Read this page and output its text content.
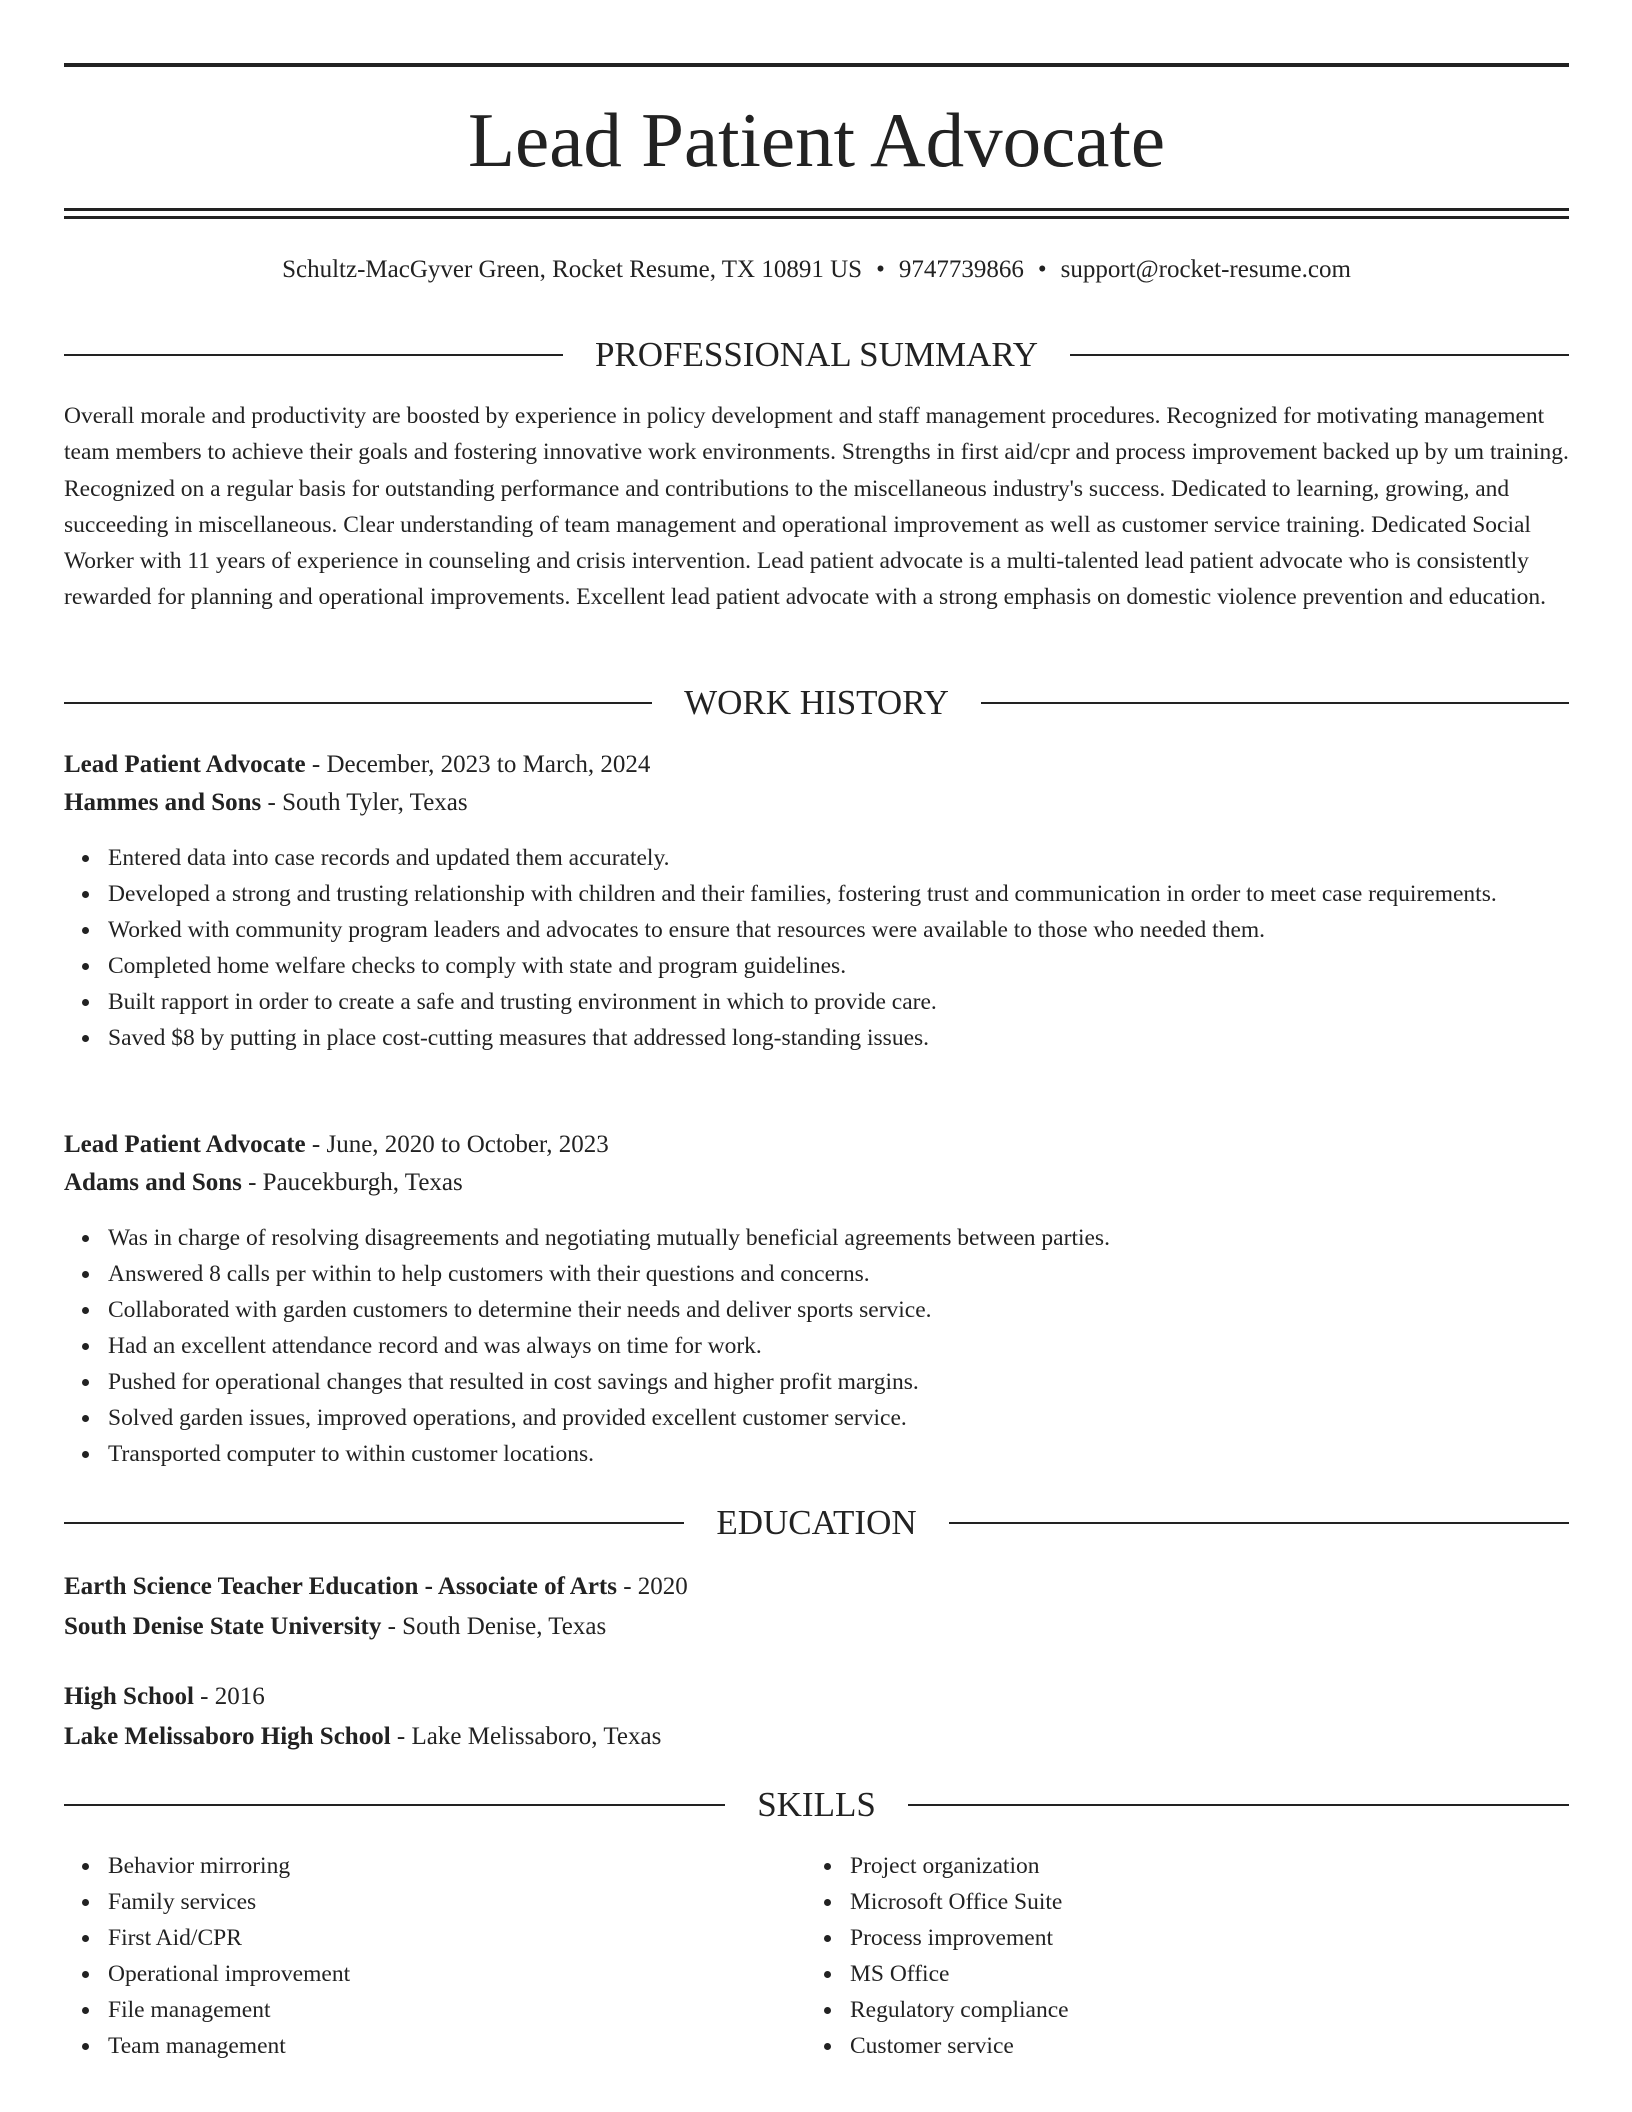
Lead Patient Advocate
Schultz-MacGyver Green, Rocket Resume, TX 10891 US • 9747739866 • support@rocket-resume.com
PROFESSIONAL SUMMARY

Overall morale and productivity are boosted by experience in policy development and staff management procedures. Recognized for motivating management team members to achieve their goals and fostering innovative work environments. Strengths in first aid/cpr and process improvement backed up by um training. Recognized on a regular basis for outstanding performance and contributions to the miscellaneous industry's success. Dedicated to learning, growing, and succeeding in miscellaneous. Clear understanding of team management and operational improvement as well as customer service training. Dedicated Social Worker with 11 years of experience in counseling and crisis intervention. Lead patient advocate is a multi-talented lead patient advocate who is consistently rewarded for planning and operational improvements. Excellent lead patient advocate with a strong emphasis on domestic violence prevention and education.

WORK HISTORY
Lead Patient Advocate - December, 2023 to March, 2024
Hammes and Sons - South Tyler, Texas
Entered data into case records and updated them accurately.
Developed a strong and trusting relationship with children and their families, fostering trust and communication in order to meet case requirements.
Worked with community program leaders and advocates to ensure that resources were available to those who needed them.
Completed home welfare checks to comply with state and program guidelines.
Built rapport in order to create a safe and trusting environment in which to provide care.
Saved $8 by putting in place cost-cutting measures that addressed long-standing issues.
Lead Patient Advocate - June, 2020 to October, 2023
Adams and Sons - Paucekburgh, Texas
Was in charge of resolving disagreements and negotiating mutually beneficial agreements between parties.
Answered 8 calls per within to help customers with their questions and concerns.
Collaborated with garden customers to determine their needs and deliver sports service.
Had an excellent attendance record and was always on time for work.
Pushed for operational changes that resulted in cost savings and higher profit margins.
Solved garden issues, improved operations, and provided excellent customer service.
Transported computer to within customer locations.
EDUCATION
Earth Science Teacher Education - Associate of Arts - 2020
South Denise State University - South Denise, Texas
High School - 2016
Lake Melissaboro High School - Lake Melissaboro, Texas
SKILLS
Behavior mirroring
Family services
First Aid/CPR
Operational improvement
File management
Team management
Project organization
Microsoft Office Suite
Process improvement
MS Office
Regulatory compliance
Customer service
